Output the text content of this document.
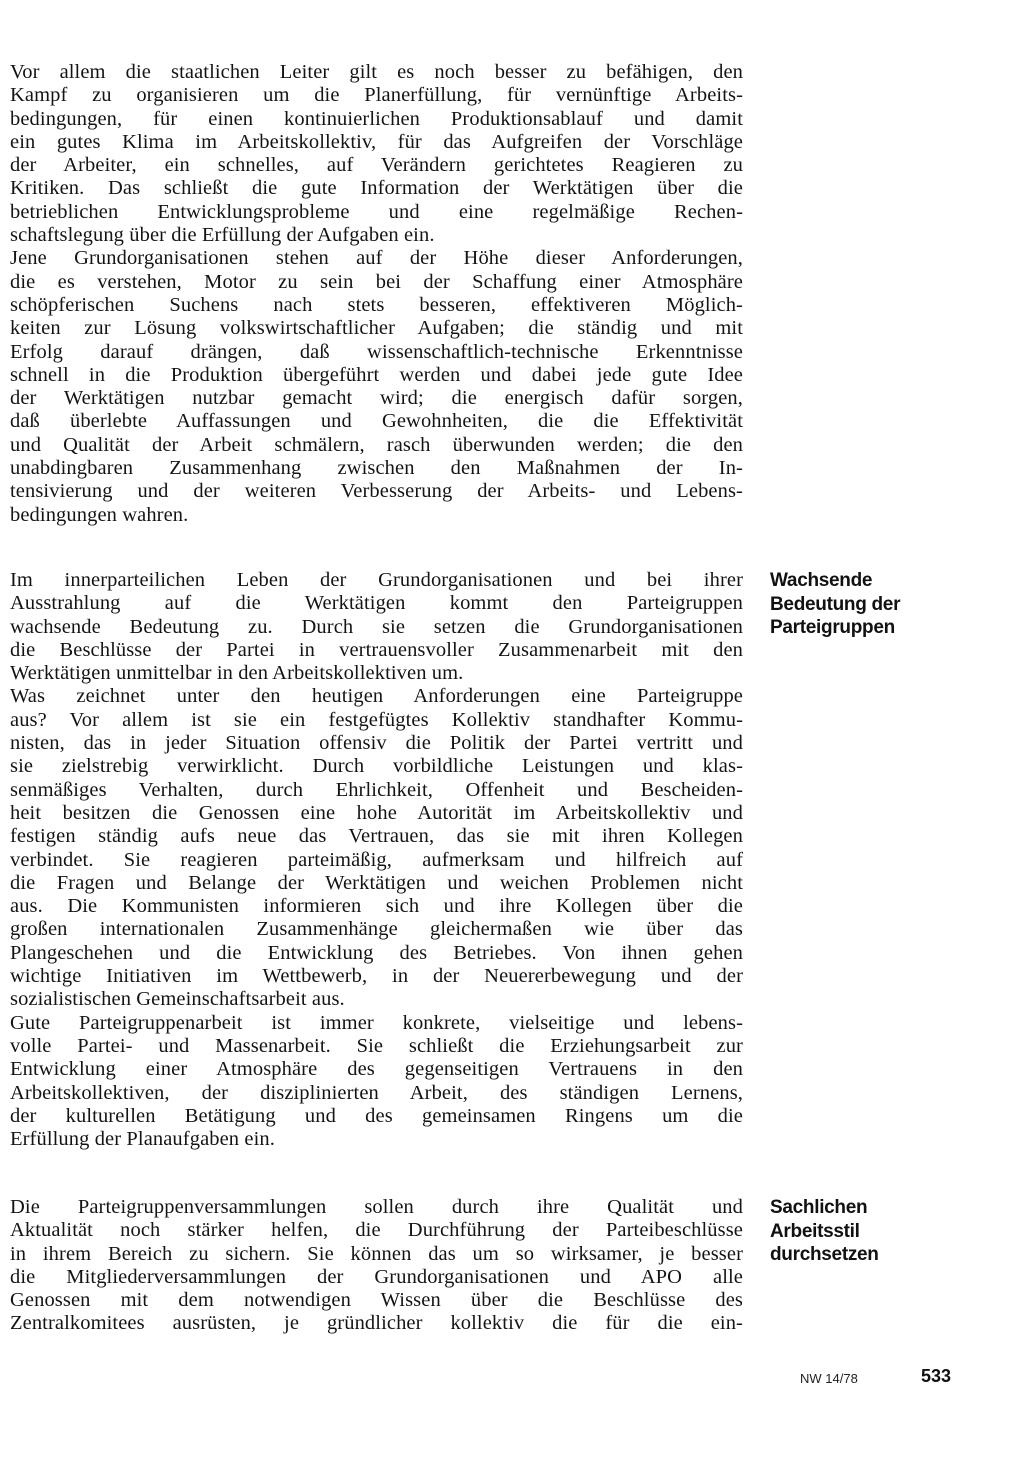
Vor allem die staatlichen Leiter gilt es noch besser zu befähigen, den
Kampf zu organisieren um die Planerfüllung, für vernünftige Arbeits-
bedingungen, für einen kontinuierlichen Produktionsablauf und damit
ein gutes Klima im Arbeitskollektiv, für das Aufgreifen der Vorschläge
der Arbeiter, ein schnelles, auf Verändern gerichtetes Reagieren zu
Kritiken. Das schließt die gute Information der Werktätigen über die
betrieblichen Entwicklungsprobleme und eine regelmäßige Rechen-
schaftslegung über die Erfüllung der Aufgaben ein.
Jene Grundorganisationen stehen auf der Höhe dieser Anforderungen,
die es verstehen, Motor zu sein bei der Schaffung einer Atmosphäre
schöpferischen Suchens nach stets besseren, effektiveren Möglich-
keiten zur Lösung volkswirtschaftlicher Aufgaben; die ständig und mit
Erfolg darauf drängen, daß wissenschaftlich-technische Erkenntnisse
schnell in die Produktion übergeführt werden und dabei jede gute Idee
der Werktätigen nutzbar gemacht wird; die energisch dafür sorgen,
daß überlebte Auffassungen und Gewohnheiten, die die Effektivität
und Qualität der Arbeit schmälern, rasch überwunden werden; die den
unabdingbaren Zusammenhang zwischen den Maßnahmen der In-
tensivierung und der weiteren Verbesserung der Arbeits- und Lebens-
bedingungen wahren.
Im innerparteilichen Leben der Grundorganisationen und bei ihrer
Ausstrahlung auf die Werktätigen kommt den Parteigruppen
wachsende Bedeutung zu. Durch sie setzen die Grundorganisationen
die Beschlüsse der Partei in vertrauensvoller Zusammenarbeit mit den
Werktätigen unmittelbar in den Arbeitskollektiven um.
Was zeichnet unter den heutigen Anforderungen eine Parteigruppe
aus? Vor allem ist sie ein festgefügtes Kollektiv standhafter Kommu-
nisten, das in jeder Situation offensiv die Politik der Partei vertritt und
sie zielstrebig verwirklicht. Durch vorbildliche Leistungen und klas-
senmäßiges Verhalten, durch Ehrlichkeit, Offenheit und Bescheiden-
heit besitzen die Genossen eine hohe Autorität im Arbeitskollektiv und
festigen ständig aufs neue das Vertrauen, das sie mit ihren Kollegen
verbindet. Sie reagieren parteimäßig, aufmerksam und hilfreich auf
die Fragen und Belange der Werktätigen und weichen Problemen nicht
aus. Die Kommunisten informieren sich und ihre Kollegen über die
großen internationalen Zusammenhänge gleichermaßen wie über das
Plangeschehen und die Entwicklung des Betriebes. Von ihnen gehen
wichtige Initiativen im Wettbewerb, in der Neuererbewegung und der
sozialistischen Gemeinschaftsarbeit aus.
Gute Parteigruppenarbeit ist immer konkrete, vielseitige und lebens-
volle Partei- und Massenarbeit. Sie schließt die Erziehungsarbeit zur
Entwicklung einer Atmosphäre des gegenseitigen Vertrauens in den
Arbeitskollektiven, der disziplinierten Arbeit, des ständigen Lernens,
der kulturellen Betätigung und des gemeinsamen Ringens um die
Erfüllung der Planaufgaben ein.
Die Parteigruppenversammlungen sollen durch ihre Qualität und
Aktualität noch stärker helfen, die Durchführung der Parteibeschlüsse
in ihrem Bereich zu sichern. Sie können das um so wirksamer, je besser
die Mitgliederversammlungen der Grundorganisationen und APO alle
Genossen mit dem notwendigen Wissen über die Beschlüsse des
Zentralkomitees ausrüsten, je gründlicher kollektiv die für die ein-
Wachsende
Bedeutung der
Parteigruppen
Sachlichen
Arbeitsstil
durchsetzen
NW 14/78	533
